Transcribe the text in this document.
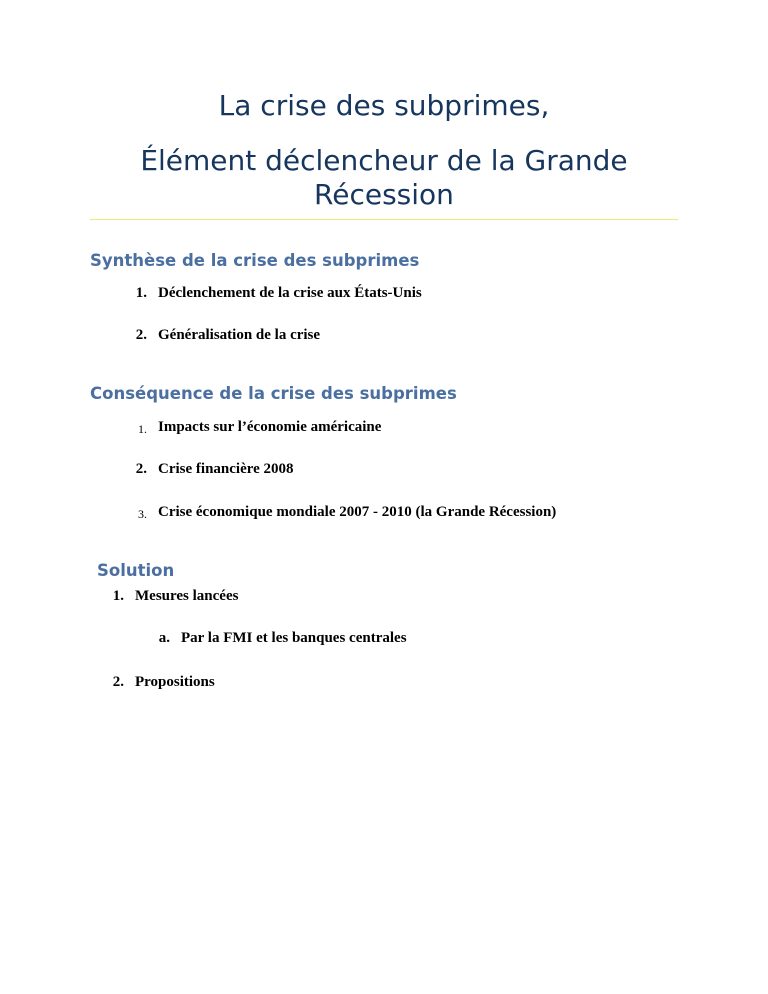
La crise des subprimes,
Élément déclencheur de la Grande
Récession
Synthèse de la crise des subprimes
1. Déclenchement de la crise aux États-Unis
2. Généralisation de la crise
Conséquence de la crise des subprimes
1. Impacts sur l’économie américaine
2. Crise financière 2008
3. Crise économique mondiale 2007 - 2010 (la Grande Récession)
Solution
1. Mesures lancées
a. Par la FMI et les banques centrales
2. Propositions
